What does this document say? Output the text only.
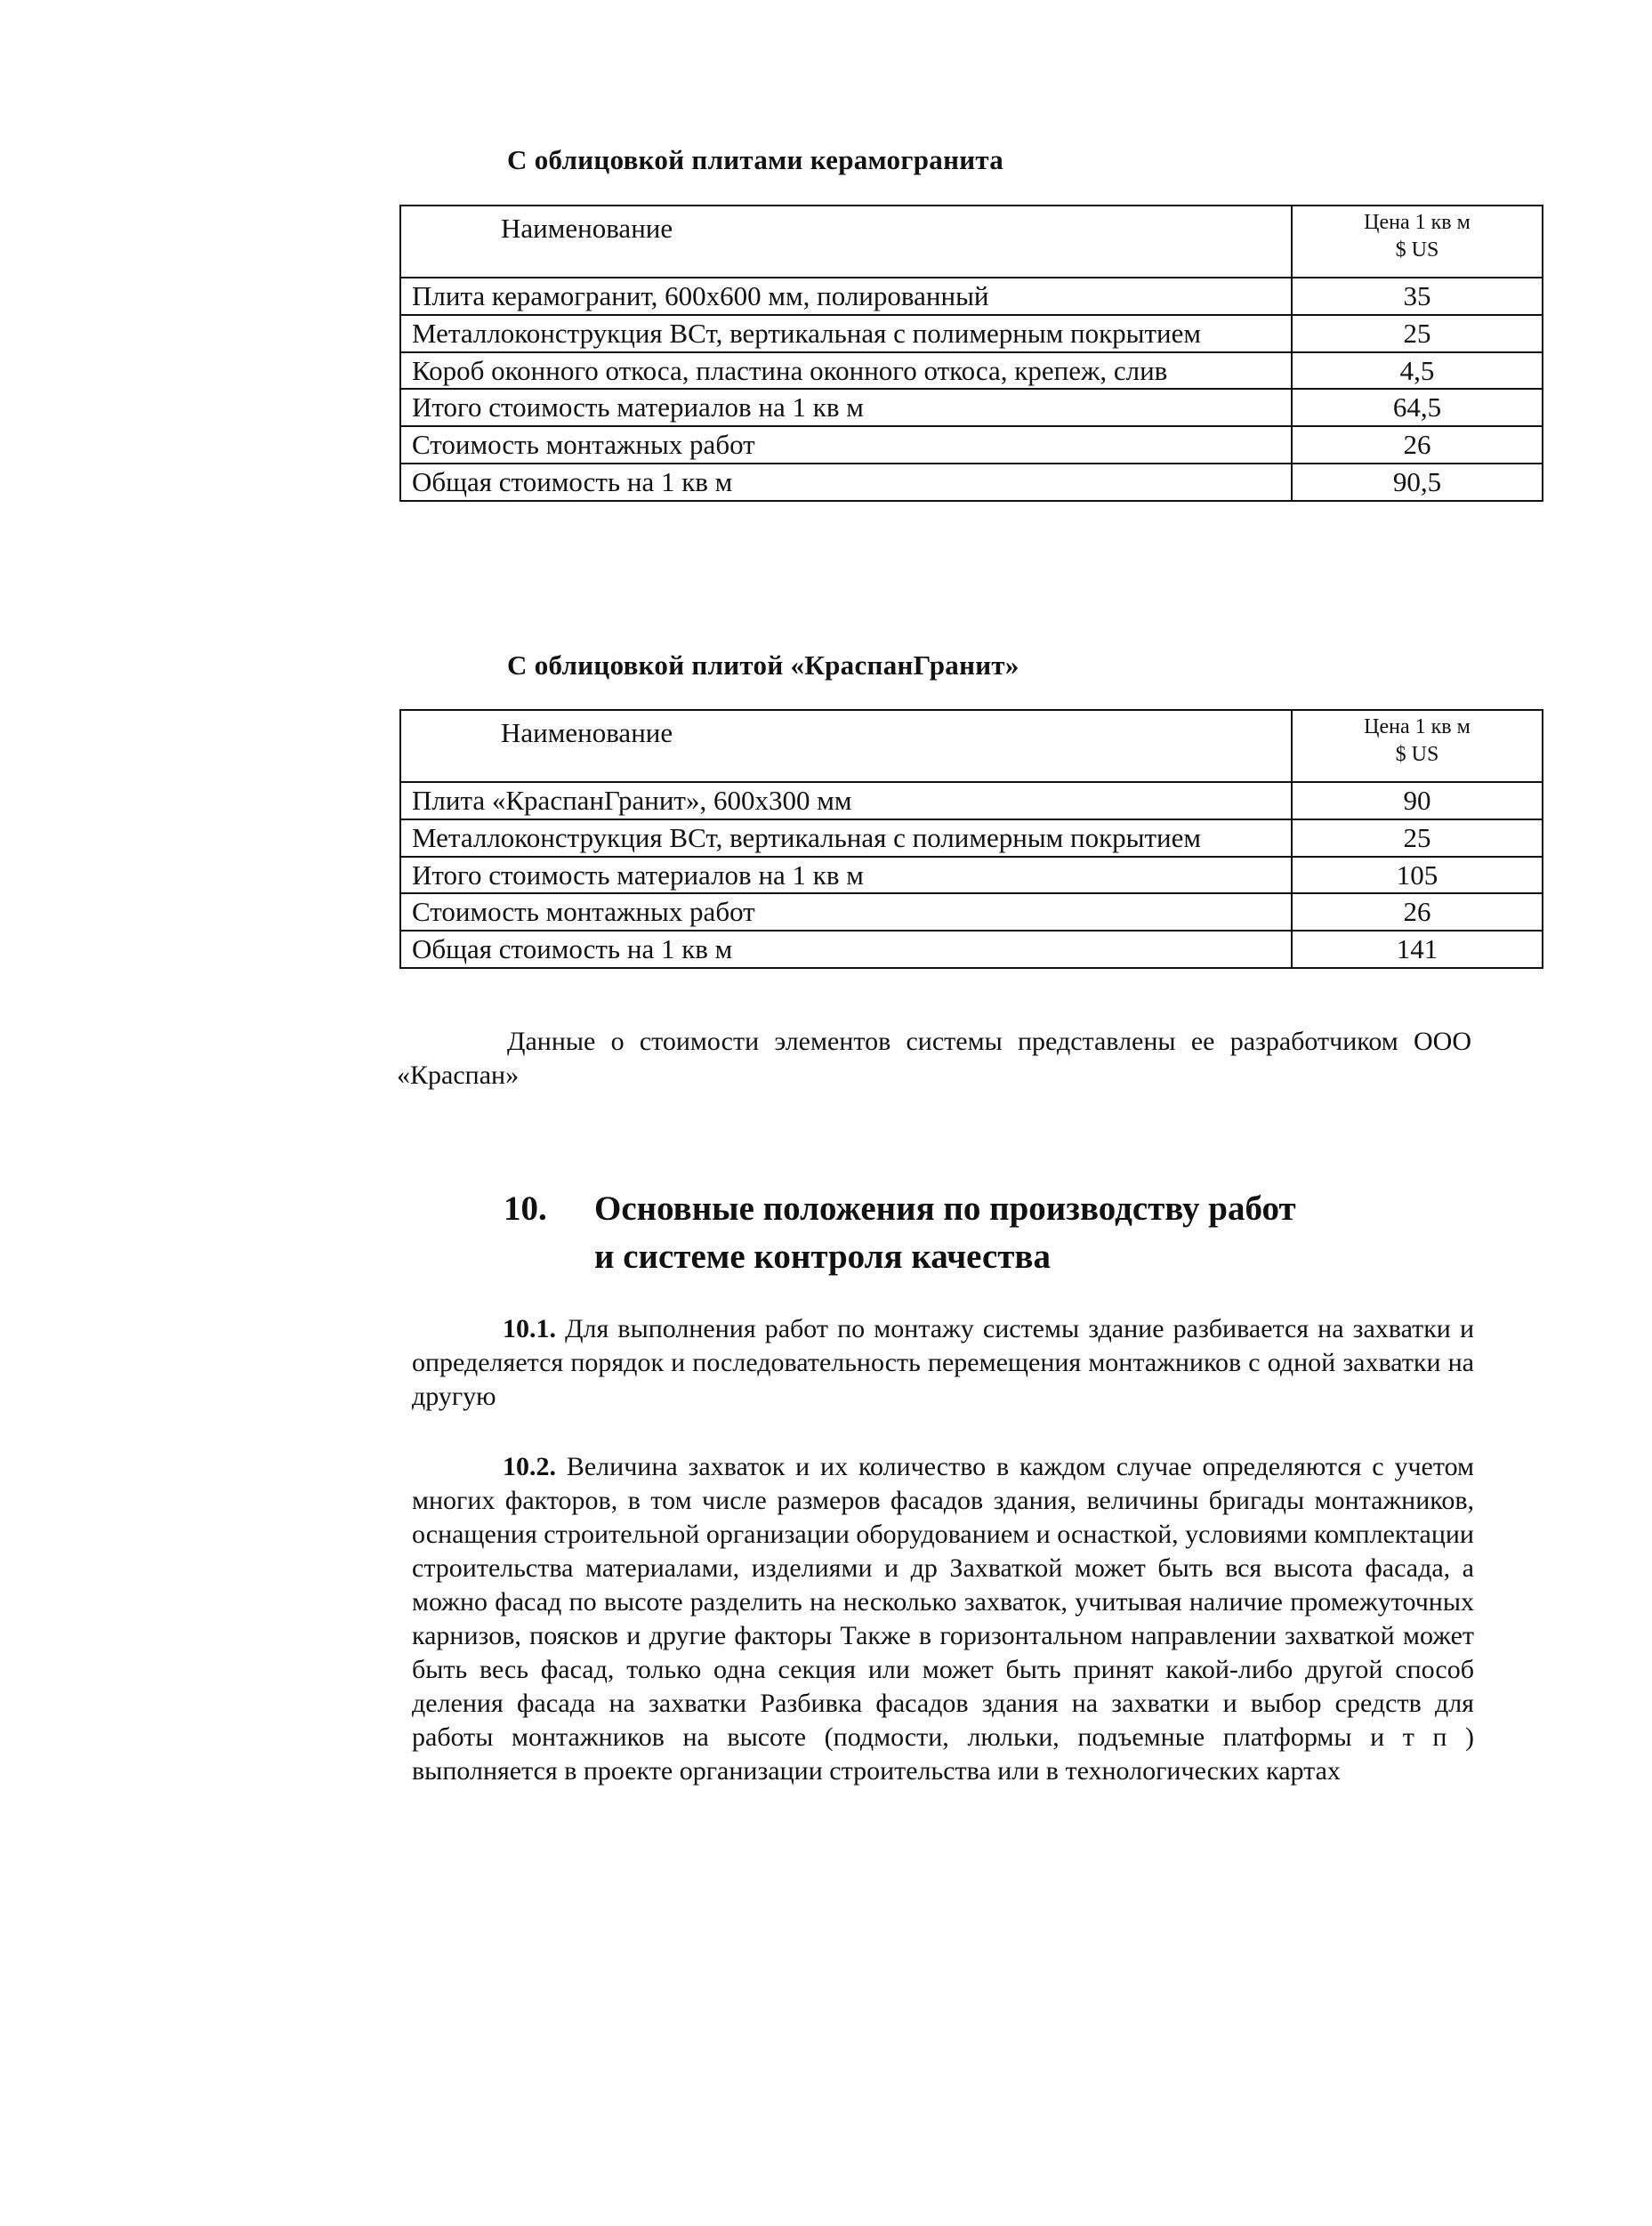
С облицовкой плитами керамогранита
Наименование	Цена 1 кв м
$ US

Плита керамогранит, 600x600 мм, полированный	35
Металлоконструкция ВСт, вертикальная с полимерным покрытием	25
Короб оконного откоса, пластина оконного откоса, крепеж, слив	4,5
Итого стоимость материалов на 1 кв м	64,5
Стоимость монтажных работ	26
Общая стоимость на 1 кв м	90,5
С облицовкой плитой «КраспанГранит»
Наименование	Цена 1 кв м
$ US

Плита «КраспанГранит», 600x300 мм	90
Металлоконструкция ВСт, вертикальная с полимерным покрытием	25
Итого стоимость материалов на 1 кв м	105
Стоимость монтажных работ	26
Общая стоимость на 1 кв м	141
Данные о стоимости элементов системы представлены ее разработчиком ООО «Краспан»
10. Основные положения по производству работ
и системе контроля качества
10.1. Для выполнения работ по монтажу системы здание разбивается на захватки и определяется порядок и последовательность перемещения монтажников с одной захватки на другую
10.2. Величина захваток и их количество в каждом случае определяются с учетом многих факторов, в том числе размеров фасадов здания, величины бригады монтажников, оснащения строительной организации оборудованием и оснасткой, условиями комплектации строительства материалами, изделиями и др Захваткой может быть вся высота фасада, а можно фасад по высоте разделить на несколько захваток, учитывая наличие промежуточных карнизов, поясков и другие факторы Также в горизонтальном направлении захваткой может быть весь фасад, только одна секция или может быть принят какой-либо другой способ деления фасада на захватки Разбивка фасадов здания на захватки и выбор средств для работы монтажников на высоте (подмости, люльки, подъемные платформы и т п ) выполняется в проекте организации строительства или в технологических картах
